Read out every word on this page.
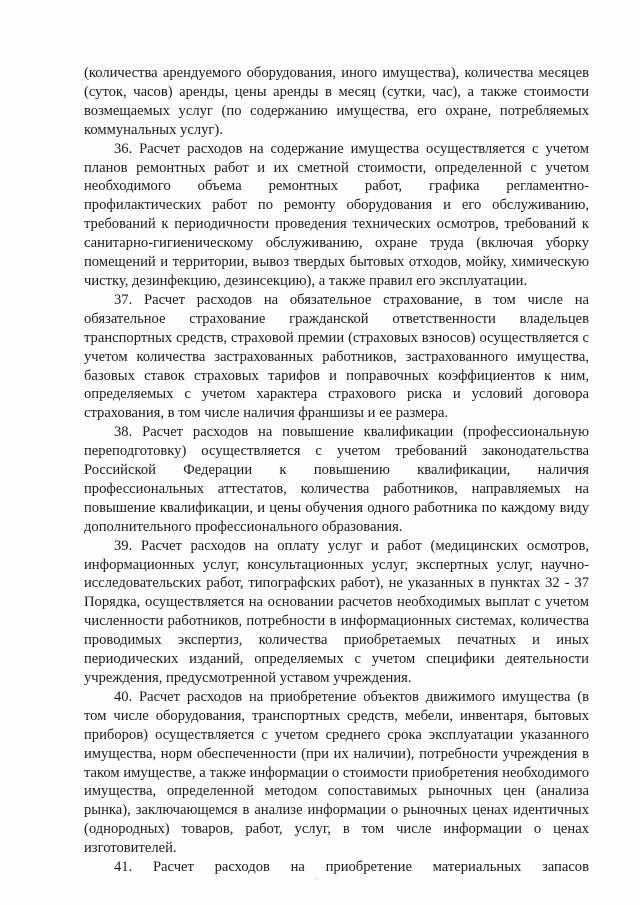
(количества арендуемого оборудования, иного имущества), количества месяцев (суток, часов) аренды, цены аренды в месяц (сутки, час), а также стоимости возмещаемых услуг (по содержанию имущества, его охране, потребляемых коммунальных услуг).

36. Расчет расходов на содержание имущества осуществляется с учетом планов ремонтных работ и их сметной стоимости, определенной с учетом необходимого объема ремонтных работ, графика регламентно-профилактических работ по ремонту оборудования и его обслуживанию, требований к периодичности проведения технических осмотров, требований к санитарно-гигиеническому обслуживанию, охране труда (включая уборку помещений и территории, вывоз твердых бытовых отходов, мойку, химическую чистку, дезинфекцию, дезинсекцию), а также правил его эксплуатации.

37. Расчет расходов на обязательное страхование, в том числе на обязательное страхование гражданской ответственности владельцев транспортных средств, страховой премии (страховых взносов) осуществляется с учетом количества застрахованных работников, застрахованного имущества, базовых ставок страховых тарифов и поправочных коэффициентов к ним, определяемых с учетом характера страхового риска и условий договора страхования, в том числе наличия франшизы и ее размера.

38. Расчет расходов на повышение квалификации (профессиональную переподготовку) осуществляется с учетом требований законодательства Российской Федерации к повышению квалификации, наличия профессиональных аттестатов, количества работников, направляемых на повышение квалификации, и цены обучения одного работника по каждому виду дополнительного профессионального образования.

39. Расчет расходов на оплату услуг и работ (медицинских осмотров, информационных услуг, консультационных услуг, экспертных услуг, научно-исследовательских работ, типографских работ), не указанных в пунктах 32 - 37 Порядка, осуществляется на основании расчетов необходимых выплат с учетом численности работников, потребности в информационных системах, количества проводимых экспертиз, количества приобретаемых печатных и иных периодических изданий, определяемых с учетом специфики деятельности учреждения, предусмотренной уставом учреждения.

40. Расчет расходов на приобретение объектов движимого имущества (в том числе оборудования, транспортных средств, мебели, инвентаря, бытовых приборов) осуществляется с учетом среднего срока эксплуатации указанного имущества, норм обеспеченности (при их наличии), потребности учреждения в таком имуществе, а также информации о стоимости приобретения необходимого имущества, определенной методом сопоставимых рыночных цен (анализа рынка), заключающемся в анализе информации о рыночных ценах идентичных (однородных) товаров, работ, услуг, в том числе информации о ценах изготовителей.

41. Расчет расходов на приобретение материальных запасов
